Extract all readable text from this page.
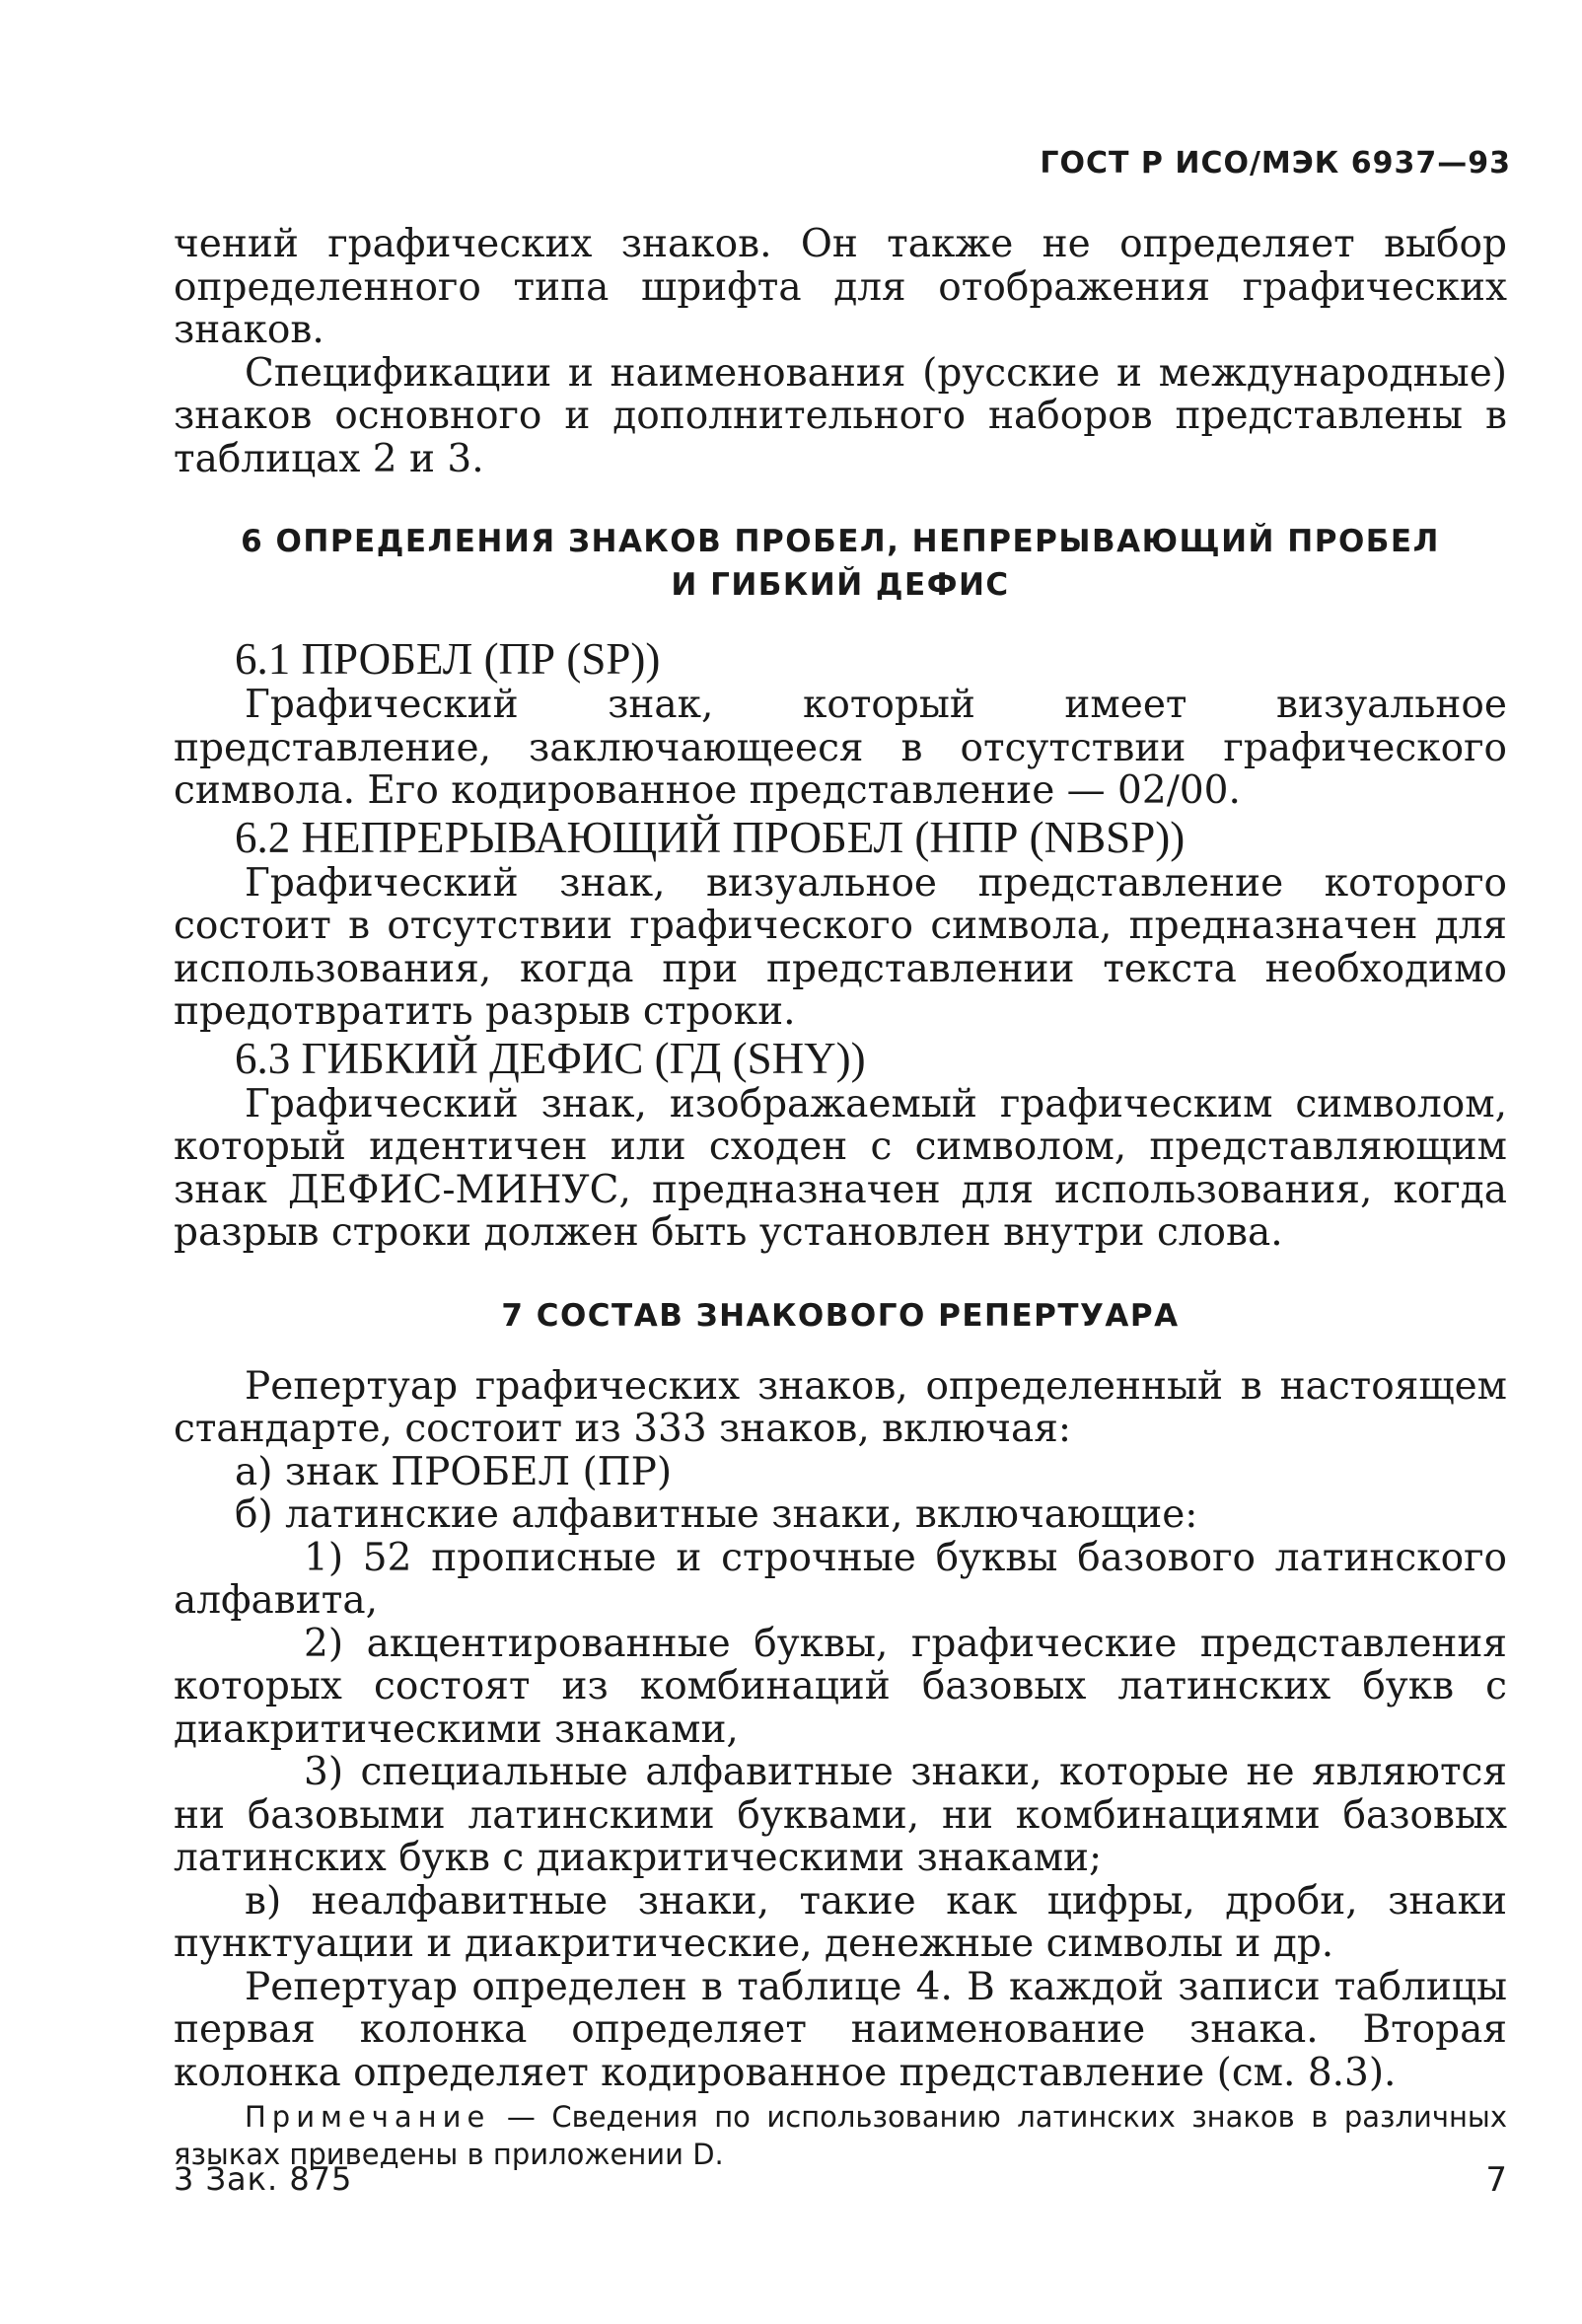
ГОСТ Р ИСО/МЭК 6937—93

чений графических знаков. Он также не определяет выбор определенного типа шрифта для отображения графических знаков.

Спецификации и наименования (русские и международные) знаков основного и дополнительного наборов представлены в таблицах 2 и 3.

6 ОПРЕДЕЛЕНИЯ ЗНАКОВ ПРОБЕЛ, НЕПРЕРЫВАЮЩИЙ ПРОБЕЛ
И ГИБКИЙ ДЕФИС
6.1 ПРОБЕЛ (ПР (SP))

Графический знак, который имеет визуальное представление, заключающееся в отсутствии графического символа. Его кодированное представление — 02/00.

6.2 НЕПРЕРЫВАЮЩИЙ ПРОБЕЛ (НПР (NBSP))

Графический знак, визуальное представление которого состоит в отсутствии графического символа, предназначен для использования, когда при представлении текста необходимо предотвратить разрыв строки.

6.3 ГИБКИЙ ДЕФИС (ГД (SHY))

Графический знак, изображаемый графическим символом, который идентичен или сходен с символом, представляющим знак ДЕФИС-МИНУС, предназначен для использования, когда разрыв строки должен быть установлен внутри слова.

7 СОСТАВ ЗНАКОВОГО РЕПЕРТУАРА

Репертуар графических знаков, определенный в настоящем стандарте, состоит из 333 знаков, включая:

а) знак ПРОБЕЛ (ПР)

б) латинские алфавитные знаки, включающие:

1) 52 прописные и строчные буквы базового латинского алфавита,

2) акцентированные буквы, графические представления которых состоят из комбинаций базовых латинских букв с диакритическими знаками,

3) специальные алфавитные знаки, которые не являются ни базовыми латинскими буквами, ни комбинациями базовых латинских букв с диакритическими знаками;

в) неалфавитные знаки, такие как цифры, дроби, знаки пунктуации и диакритические, денежные символы и др.

Репертуар определен в таблице 4. В каждой записи таблицы первая колонка определяет наименование знака. Вторая колонка определяет кодированное представление (см. 8.3).

Примечание — Сведения по использованию латинских знаков в различных языках приведены в приложении D.

3 Зак. 875	7
